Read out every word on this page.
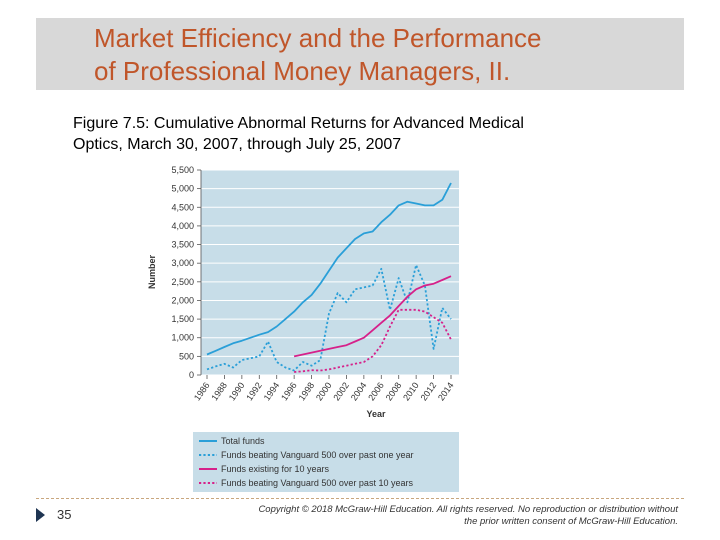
Market Efficiency and the Performance
of Professional Money Managers, II.
Figure 7.5: Cumulative Abnormal Returns for Advanced Medical
Optics, March 30, 2007, through July 25, 2007
0
500
1,000
1,500
2,000
2,500
3,000
3,500
4,000
4,500
5,000
5,500
1986
1988
1990
1992
1994
1996
1998
2000
2002
2004
2006
2008
2010
2012
2014
Number
Year
Total funds
Funds beating Vanguard 500 over past one year
Funds existing for 10 years
Funds beating Vanguard 500 over past 10 years
35	Copyright © 2018 McGraw-Hill Education. All rights reserved. No reproduction or distribution without
the prior written consent of McGraw-Hill Education.
